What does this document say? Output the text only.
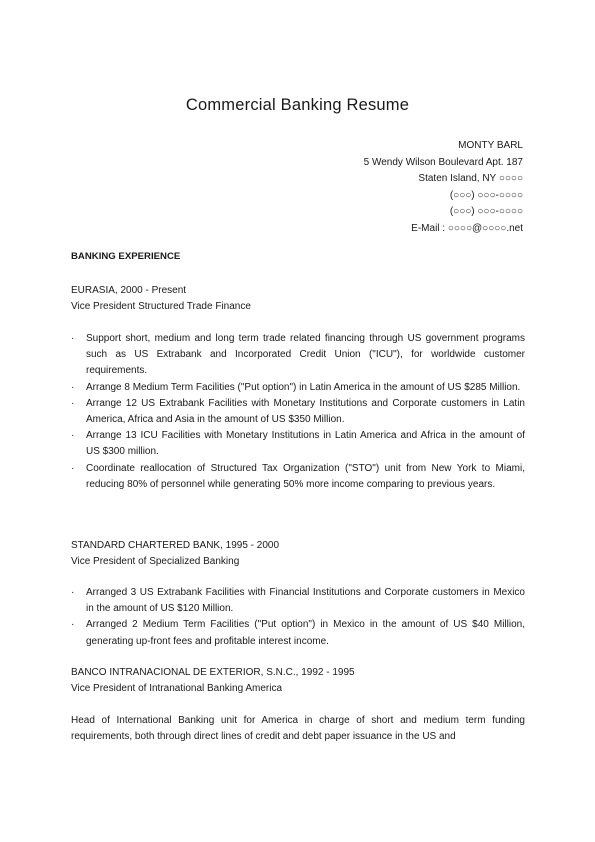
Commercial Banking Resume
MONTY BARL
5 Wendy Wilson Boulevard Apt. 187
Staten Island, NY ○○○○
(○○○) ○○○-○○○○
(○○○) ○○○-○○○○
E-Mail : ○○○○@○○○○.net
BANKING EXPERIENCE
EURASIA, 2000 - Present
Vice President Structured Trade Finance
· Support short, medium and long term trade related financing through US government programs such as US Extrabank and Incorporated Credit Union ("ICU"), for worldwide customer requirements.
· Arrange 8 Medium Term Facilities ("Put option") in Latin America in the amount of US $285 Million.
· Arrange 12 US Extrabank Facilities with Monetary Institutions and Corporate customers in Latin America, Africa and Asia in the amount of US $350 Million.
· Arrange 13 ICU Facilities with Monetary Institutions in Latin America and Africa in the amount of US $300 million.
· Coordinate reallocation of Structured Tax Organization ("STO") unit from New York to Miami, reducing 80% of personnel while generating 50% more income comparing to previous years.
STANDARD CHARTERED BANK, 1995 - 2000
Vice President of Specialized Banking
· Arranged 3 US Extrabank Facilities with Financial Institutions and Corporate customers in Mexico in the amount of US $120 Million.
· Arranged 2 Medium Term Facilities ("Put option") in Mexico in the amount of US $40 Million, generating up-front fees and profitable interest income.
BANCO INTRANACIONAL DE EXTERIOR, S.N.C., 1992 - 1995
Vice President of Intranational Banking America
Head of International Banking unit for America in charge of short and medium term funding requirements, both through direct lines of credit and debt paper issuance in the US and
